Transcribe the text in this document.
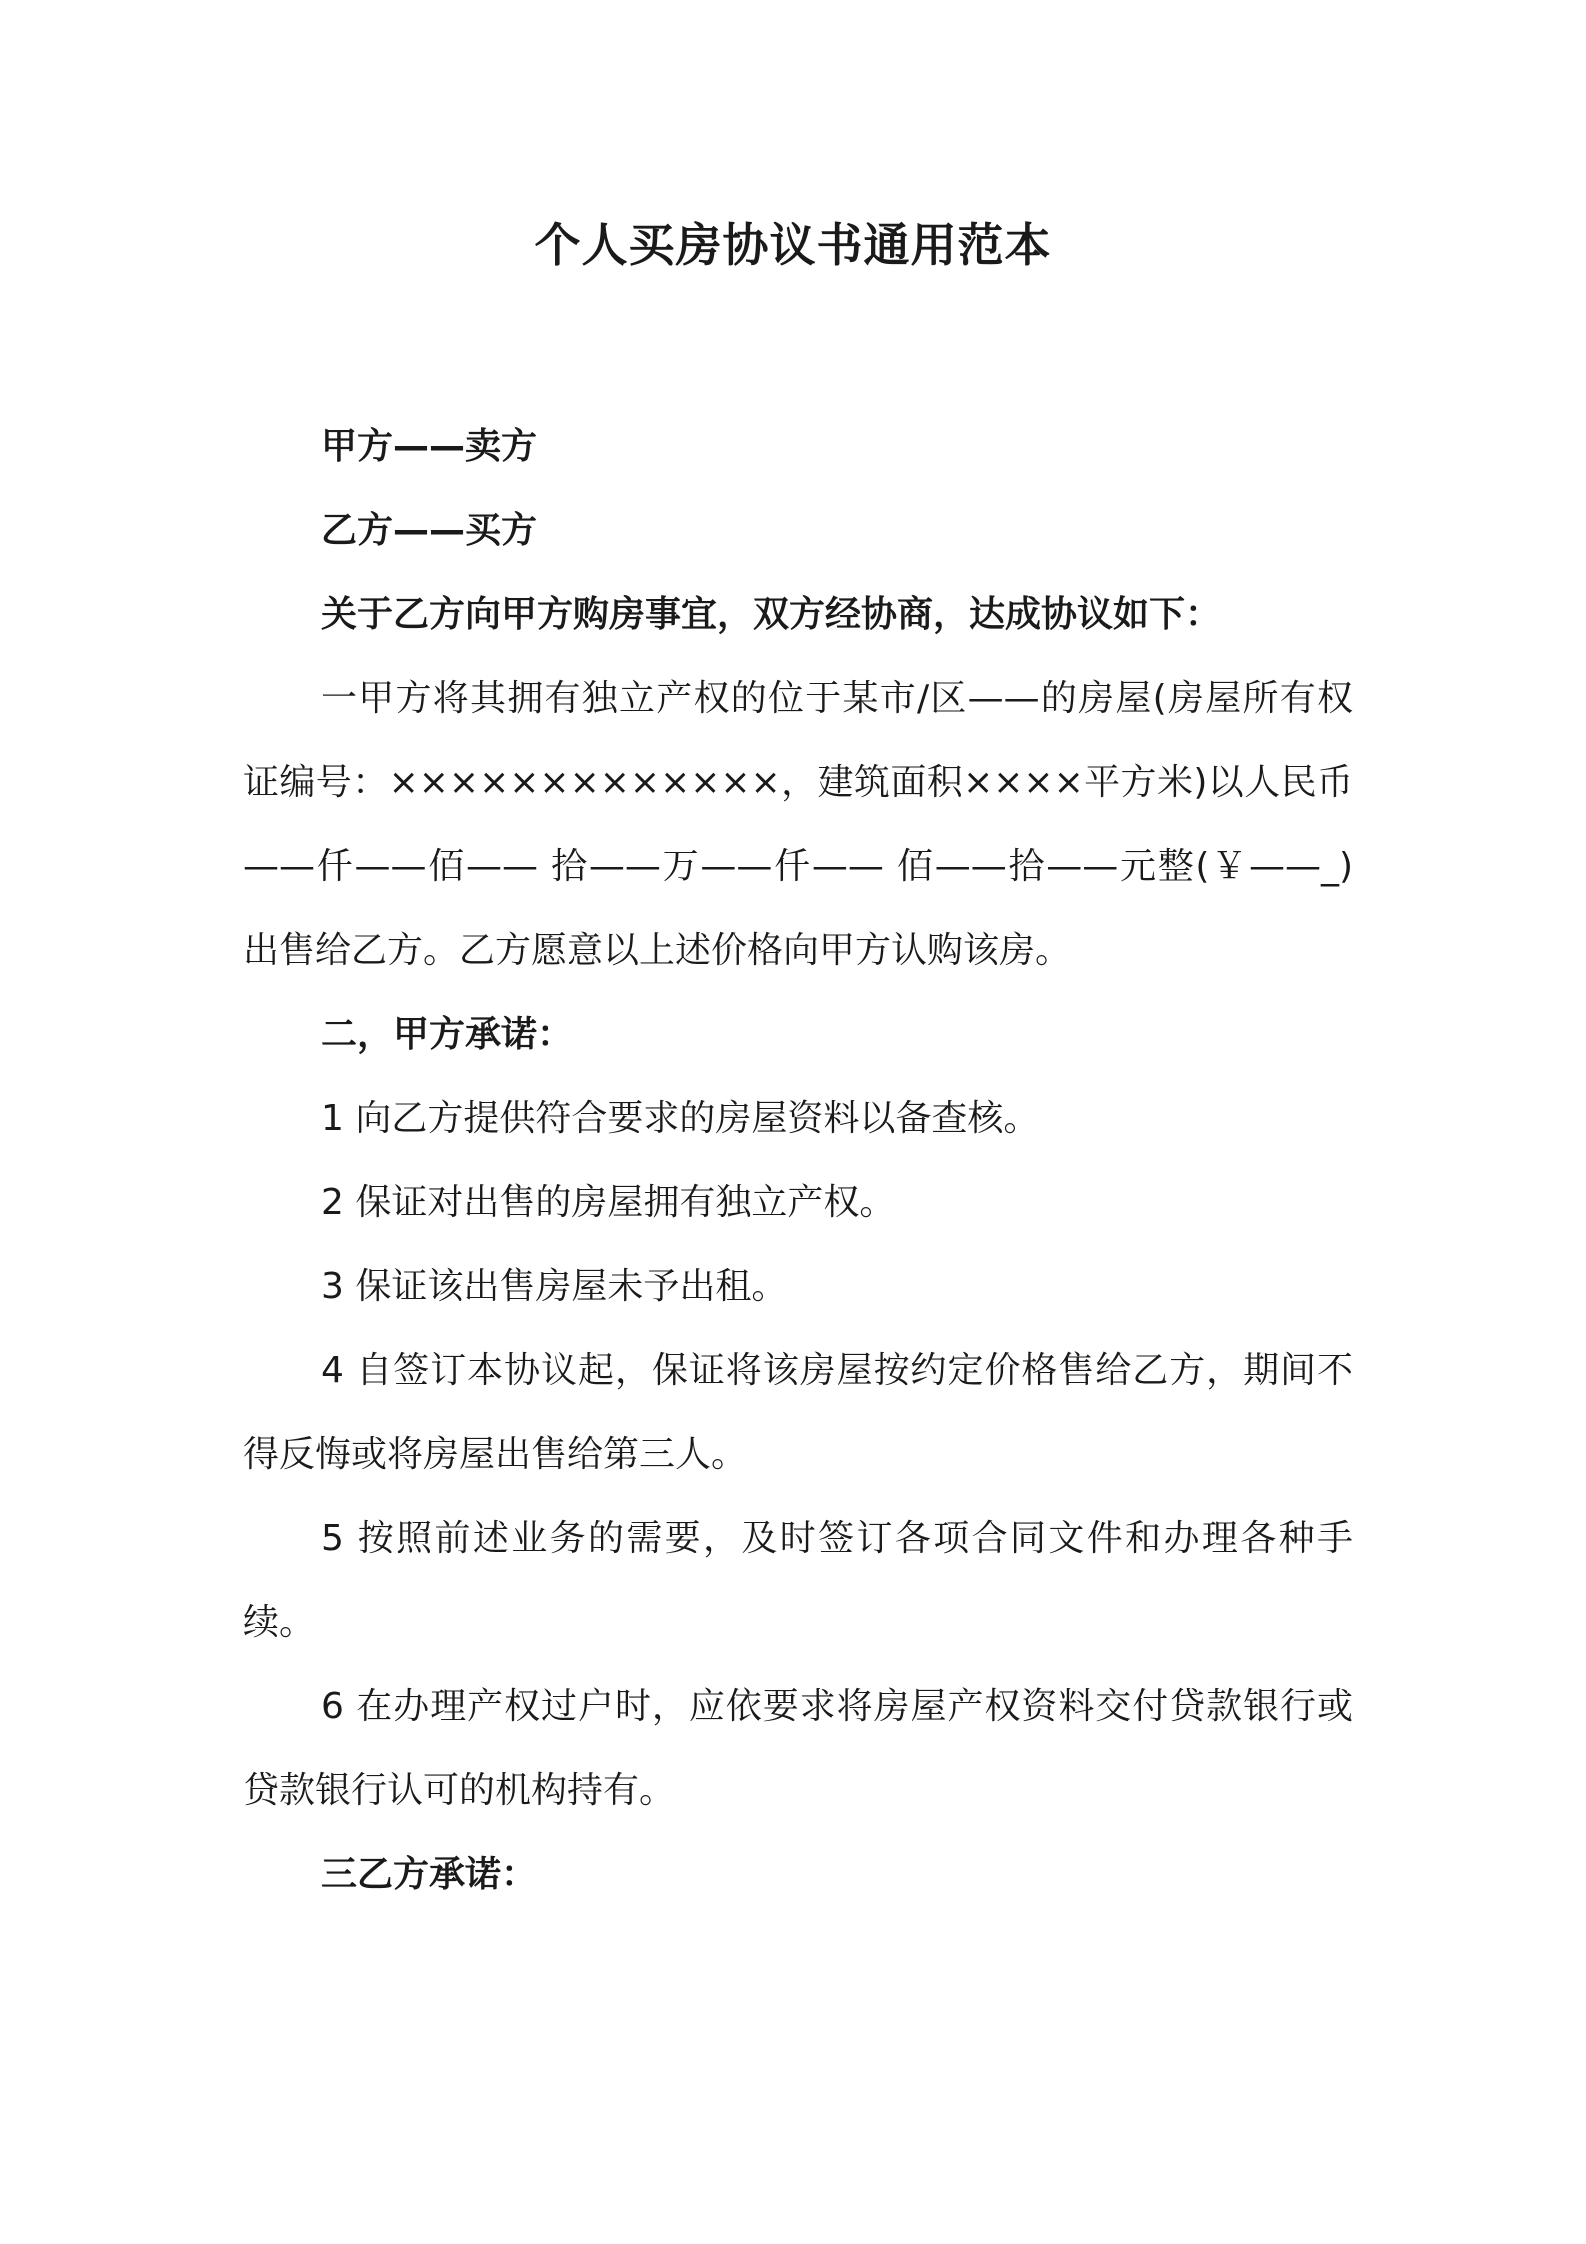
个人买房协议书通用范本

甲方——卖方

乙方——买方

关于乙方向甲方购房事宜，双方经协商，达成协议如下：

一甲方将其拥有独立产权的位于某市/区——的房屋(房屋所有权证编号：×××××××××××××，建筑面积××××平方米)以人民币——仟——佰—— 拾——万——仟—— 佰——拾——元整(￥——_)出售给乙方。乙方愿意以上述价格向甲方认购该房。

二，甲方承诺：

1 向乙方提供符合要求的房屋资料以备查核。

2 保证对出售的房屋拥有独立产权。

3 保证该出售房屋未予出租。

4 自签订本协议起，保证将该房屋按约定价格售给乙方，期间不得反悔或将房屋出售给第三人。

5 按照前述业务的需要，及时签订各项合同文件和办理各种手续。

6 在办理产权过户时，应依要求将房屋产权资料交付贷款银行或贷款银行认可的机构持有。

三乙方承诺：
